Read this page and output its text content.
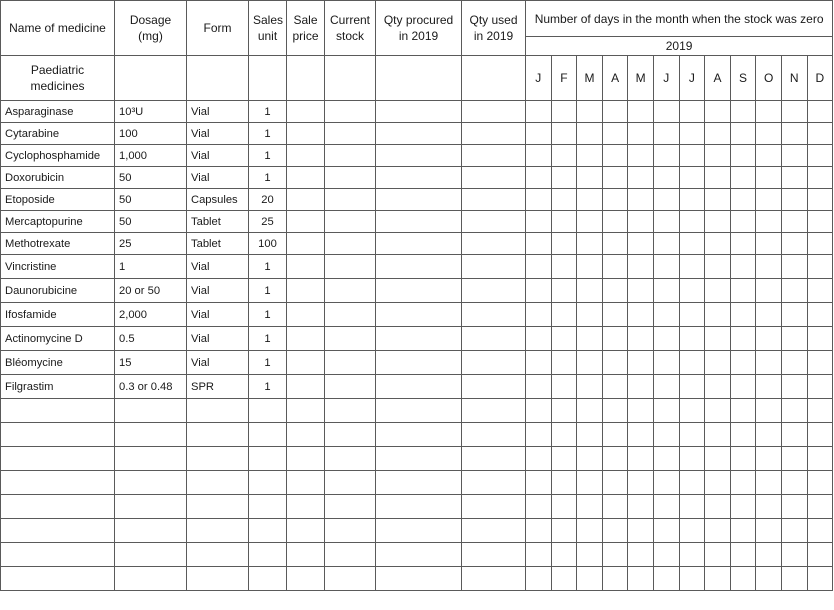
Name of medicine	Dosage (mg)	Form	Sales unit	Sale price	Current stock	Qty procured in 2019	Qty used in 2019	Number of days in the month when the stock was zero											
								2019											
Paediatric medicines								J	F	M	A	M	J	J	A	S	O	N	D
Asparaginase	10³U	Vial	1																
Cytarabine	100	Vial	1																
Cyclophosphamide	1,000	Vial	1																
Doxorubicin	50	Vial	1																
Etoposide	50	Capsules	20																
Mercaptopurine	50	Tablet	25																
Methotrexate	25	Tablet	100																
Vincristine	1	Vial	1																
Daunorubicine	20 or 50	Vial	1																
Ifosfamide	2,000	Vial	1																
Actinomycine D	0.5	Vial	1																
Bléomycine	15	Vial	1																
Filgrastim	0.3 or 0.48	SPR	1																
